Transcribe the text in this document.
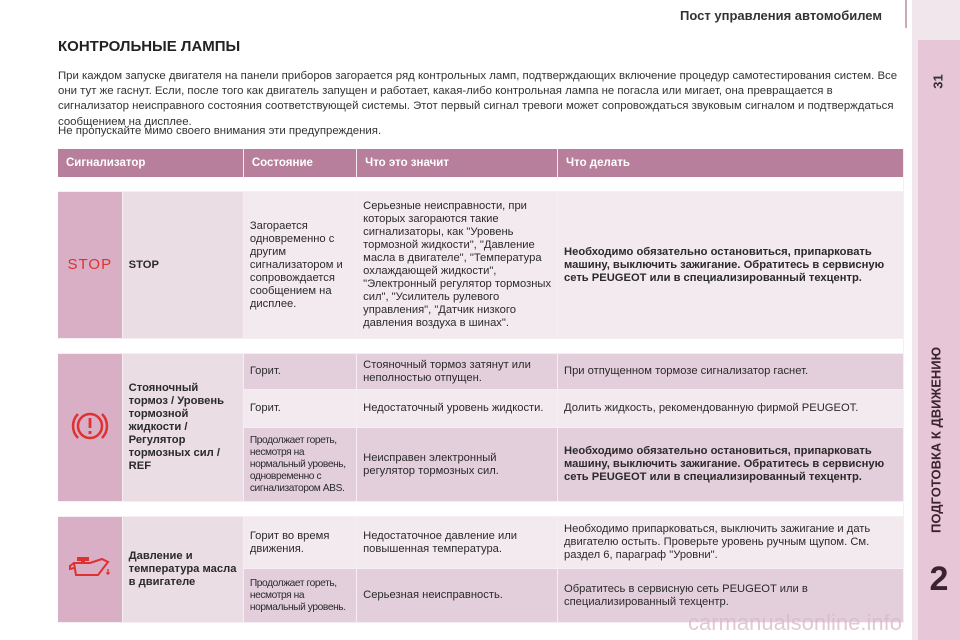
Пост управления автомобилем
31
ПОДГОТОВКА К ДВИЖЕНИЮ
2
КОНТРОЛЬНЫЕ ЛАМПЫ

При каждом запуске двигателя на панели приборов загорается ряд контрольных ламп, подтверждающих включение процедур самотестирования систем. Все они тут же гаснут. Если, после того как двигатель запущен и работает, какая-либо контрольная лампа не погасла или мигает, она превращается в сигнализатор неисправного состояния соответствующей системы. Этот первый сигнал тревоги может сопровождаться звуковым сигналом и подтверждаться сообщением на дисплее.

Не пропускайте мимо своего внимания эти предупреждения.

Сигнализатор		Состояние	Что это значит	Что делать

STOP	STOP	Загорается одновременно с другим сигнализатором и сопровождается сообщением на дисплее.	Серьезные неисправности, при которых загораются такие сигнализаторы, как "Уровень тормозной жидкости", "Давление масла в двигателе", "Температура охлаждающей жидкости", "Электронный регулятор тормозных сил", "Усилитель рулевого управления", "Датчик низкого давления воздуха в шинах".	Необходимо обязательно остановиться, припарковать машину, выключить зажигание. Обратитесь в сервисную сеть PEUGEOT или в специализированный техцентр.

	Стояночный тормоз / Уровень тормозной жидкости / Регулятор тормозных сил / REF	Горит.	Стояночный тормоз затянут или неполностью отпущен.	При отпущенном тормозе сигнализатор гаснет.
		Горит.	Недостаточный уровень жидкости.	Долить жидкость, рекомендованную фирмой PEUGEOT.
		Продолжает гореть, несмотря на нормальный уровень, одновременно с сигнализатором ABS.	Неисправен электронный регулятор тормозных сил.	Необходимо обязательно остановиться, припарковать машину, выключить зажигание. Обратитесь в сервисную сеть PEUGEOT или в специализированный техцентр.

	Давление и температура масла в двигателе	Горит во время движения.	Недостаточное давление или повышенная температура.	Необходимо припарковаться, выключить зажигание и дать двигателю остыть. Проверьте уровень ручным щупом. См. раздел 6, параграф "Уровни".
		Продолжает гореть, несмотря на нормальный уровень.	Серьезная неисправность.	Обратитесь в сервисную сеть PEUGEOT или в специализированный техцентр.
carmanualsonline.info
